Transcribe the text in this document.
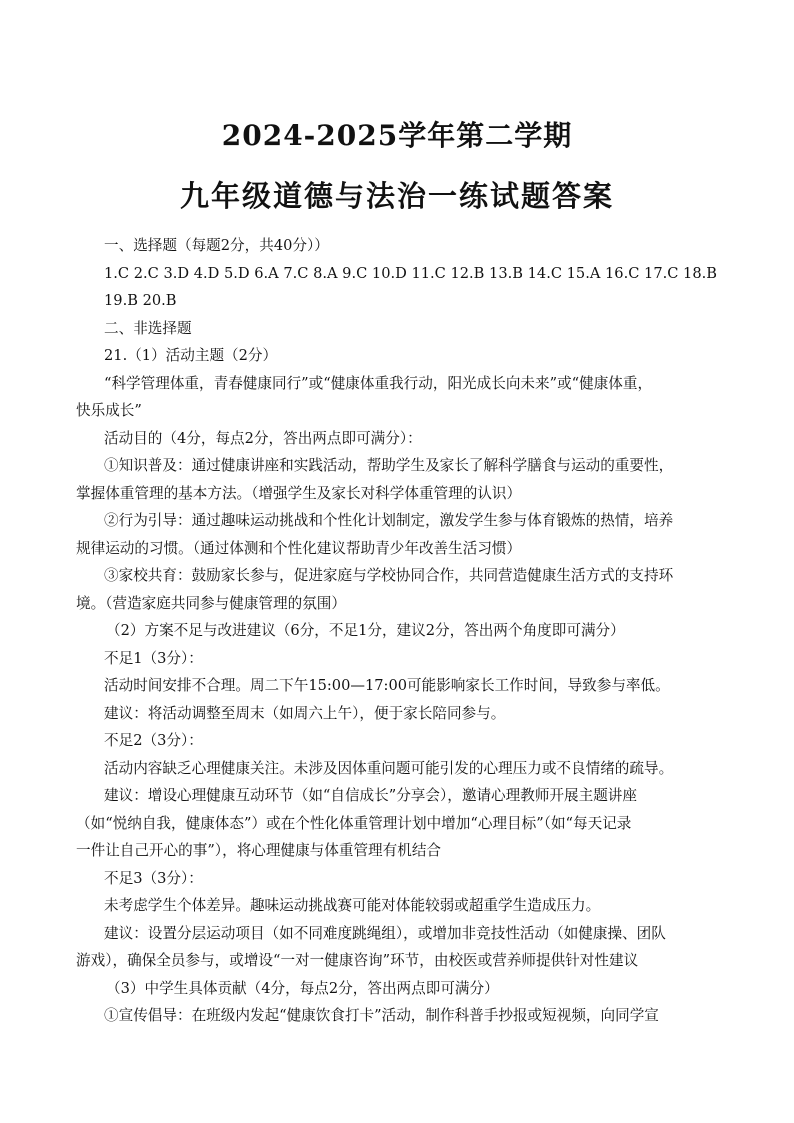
2024-2025学年第二学期
九年级道德与法治一练试题答案
一、选择题（每题2分，共40分））
1.C 2.C 3.D 4.D 5.D 6.A 7.C 8.A 9.C 10.D 11.C 12.B 13.B 14.C 15.A 16.C 17.C 18.B
19.B 20.B
二、非选择题
21.（1）活动主题（2分）
“科学管理体重，青春健康同行”或“健康体重我行动，阳光成长向未来”或“健康体重，
快乐成长”
活动目的（4分，每点2分，答出两点即可满分）：
①知识普及：通过健康讲座和实践活动，帮助学生及家长了解科学膳食与运动的重要性，
掌握体重管理的基本方法。（增强学生及家长对科学体重管理的认识）
②行为引导：通过趣味运动挑战和个性化计划制定，激发学生参与体育锻炼的热情，培养
规律运动的习惯。（通过体测和个性化建议帮助青少年改善生活习惯）
③家校共育：鼓励家长参与，促进家庭与学校协同合作，共同营造健康生活方式的支持环
境。（营造家庭共同参与健康管理的氛围）
（2）方案不足与改进建议（6分，不足1分，建议2分，答出两个角度即可满分）
不足1（3分）：
活动时间安排不合理。周二下午15:00—17:00可能影响家长工作时间，导致参与率低。
建议：将活动调整至周末（如周六上午），便于家长陪同参与。
不足2（3分）：
活动内容缺乏心理健康关注。未涉及因体重问题可能引发的心理压力或不良情绪的疏导。
建议：增设心理健康互动环节（如“自信成长”分享会），邀请心理教师开展主题讲座
（如“悦纳自我，健康体态”）或在个性化体重管理计划中增加“心理目标”（如“每天记录
一件让自己开心的事”），将心理健康与体重管理有机结合
不足3（3分）：
未考虑学生个体差异。趣味运动挑战赛可能对体能较弱或超重学生造成压力。
建议：设置分层运动项目（如不同难度跳绳组），或增加非竞技性活动（如健康操、团队
游戏），确保全员参与，或增设“一对一健康咨询”环节，由校医或营养师提供针对性建议
（3）中学生具体贡献（4分，每点2分，答出两点即可满分）
①宣传倡导：在班级内发起“健康饮食打卡”活动，制作科普手抄报或短视频，向同学宣
